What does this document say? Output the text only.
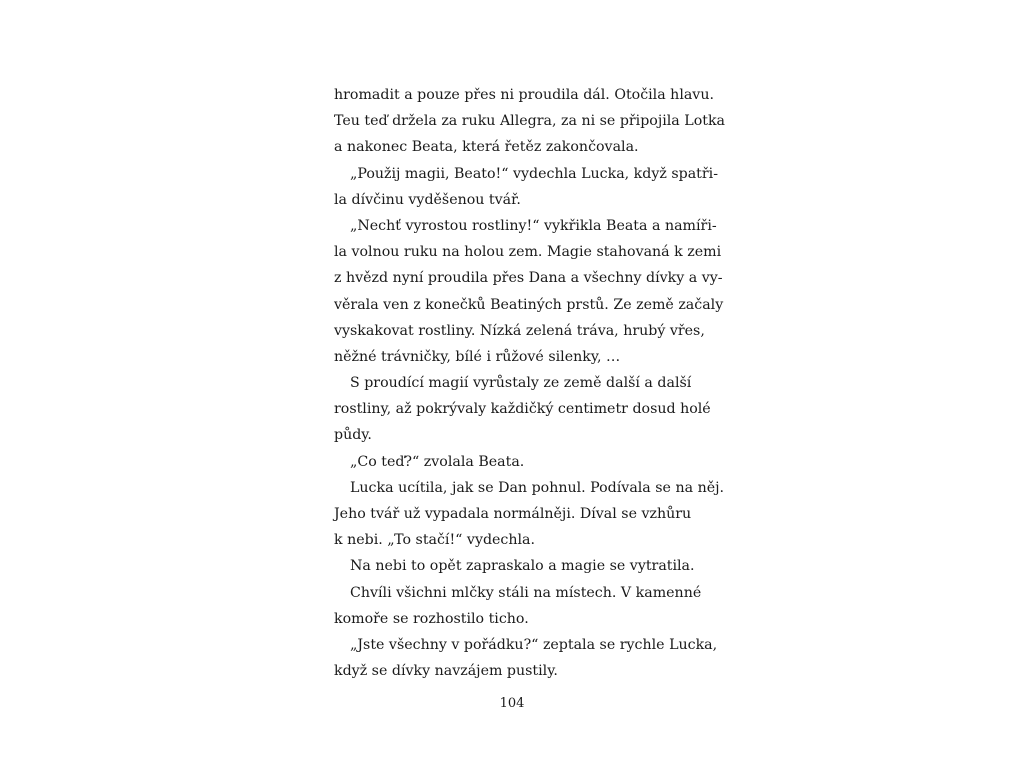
hromadit a pouze přes ni proudila dál. Otočila hlavu.
Teu teď držela za ruku Allegra, za ni se připojila Lotka
a nakonec Beata, která řetěz zakončovala.
„Použij magii, Beato!“ vydechla Lucka, když spatři-
la dívčinu vyděšenou tvář.
„Nechť vyrostou rostliny!“ vykřikla Beata a namíři-
la volnou ruku na holou zem. Magie stahovaná k zemi
z hvězd nyní proudila přes Dana a všechny dívky a vy-
věrala ven z konečků Beatiných prstů. Ze země začaly
vyskakovat rostliny. Nízká zelená tráva, hrubý vřes,
něžné trávničky, bílé i růžové silenky, …
S proudící magií vyrůstaly ze země další a další
rostliny, až pokrývaly každičký centimetr dosud holé
půdy.
„Co teď?“ zvolala Beata.
Lucka ucítila, jak se Dan pohnul. Podívala se na něj.
Jeho tvář už vypadala normálněji. Díval se vzhůru
k nebi. „To stačí!“ vydechla.
Na nebi to opět zapraskalo a magie se vytratila.
Chvíli všichni mlčky stáli na místech. V kamenné
komoře se rozhostilo ticho.
„Jste všechny v pořádku?“ zeptala se rychle Lucka,
když se dívky navzájem pustily.
104
